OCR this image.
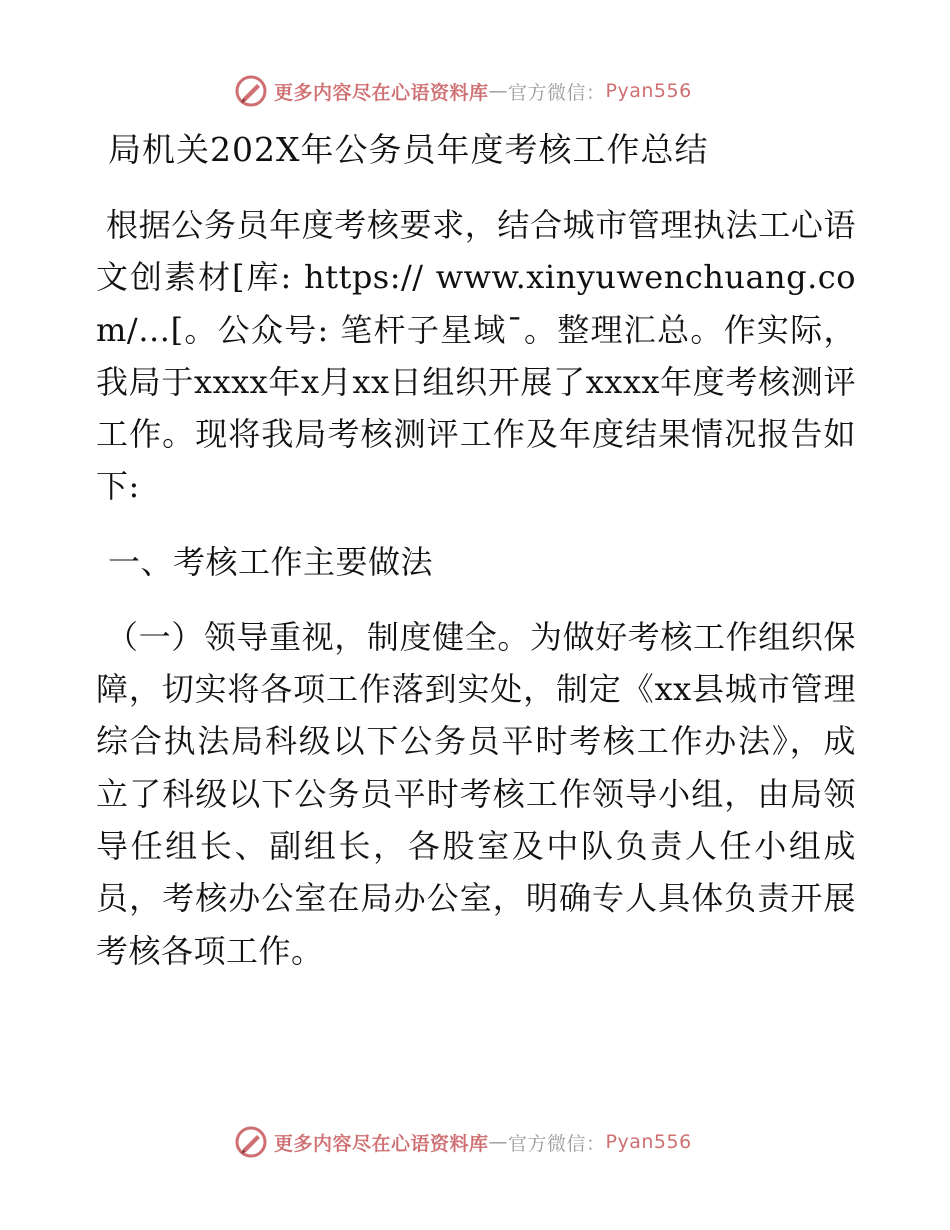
更多内容尽在心语资料库 — 官方微信： Pyan556
局机关202X年公务员年度考核工作总结

根据公务员年度考核要求，结合城市管理执法工心语文创素材[库: https:// www.xinyuwenchuang.com/…[。公众号: 笔杆子星域¯。整理汇总。作实际，我局于xxxx年x月xx日组织开展了xxxx年度考核测评工作。现将我局考核测评工作及年度结果情况报告如下:

一、考核工作主要做法

（一）领导重视，制度健全。为做好考核工作组织保障，切实将各项工作落到实处，制定《xx县城市管理综合执法局科级以下公务员平时考核工作办法》，成立了科级以下公务员平时考核工作领导小组，由局领导任组长、副组长，各股室及中队负责人任小组成员，考核办公室在局办公室，明确专人具体负责开展考核各项工作。

更多内容尽在心语资料库 — 官方微信： Pyan556
